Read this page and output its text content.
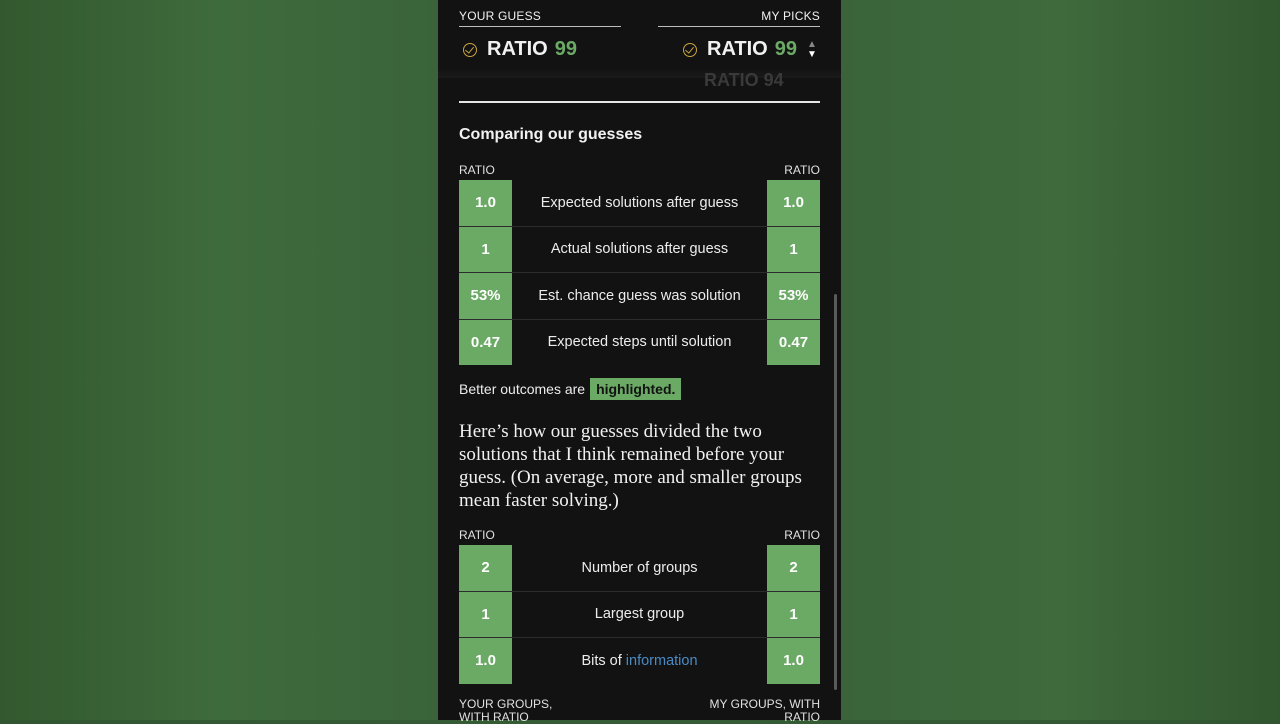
YOUR GUESS	MY PICKS
RATIO 99	RATIO 99 ▲
▼
RATIO 94
Comparing our guesses
RATIO	RATIO
1.0	Expected solutions after guess	1.0
1	Actual solutions after guess	1
53%	Est. chance guess was solution	53%
0.47	Expected steps until solution	0.47
Better outcomes are highlighted.
Here’s how our guesses divided the two solutions that I think remained before your guess. (On average, more and smaller groups mean faster solving.)
RATIO	RATIO
2	Number of groups	2
1	Largest group	1
1.0	Bits of information	1.0
YOUR GROUPS, WITH RATIO
MY GROUPS, WITH RATIO
